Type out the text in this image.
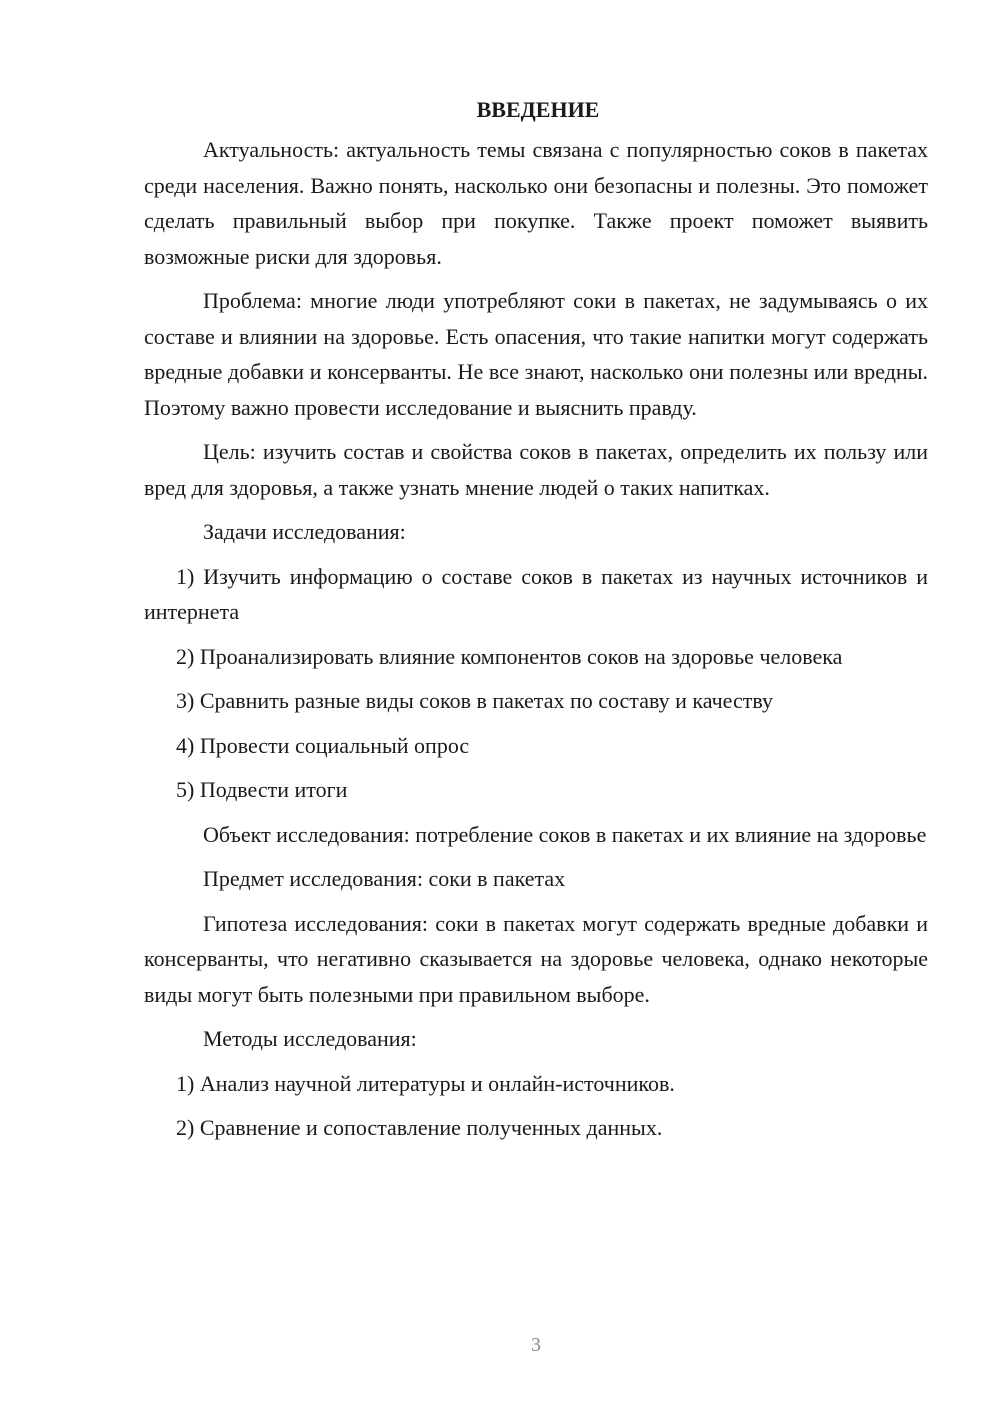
ВВЕДЕНИЕ

Актуальность: актуальность темы связана с популярностью соков в пакетах среди населения. Важно понять, насколько они безопасны и полезны. Это поможет сделать правильный выбор при покупке. Также проект поможет выявить возможные риски для здоровья.

Проблема: многие люди употребляют соки в пакетах, не задумываясь о их составе и влиянии на здоровье. Есть опасения, что такие напитки могут содержать вредные добавки и консерванты. Не все знают, насколько они полезны или вредны. Поэтому важно провести исследование и выяснить правду.

Цель: изучить состав и свойства соков в пакетах, определить их пользу или вред для здоровья, а также узнать мнение людей о таких напитках.

Задачи исследования:

1) Изучить информацию о составе соков в пакетах из научных источников и интернета

2) Проанализировать влияние компонентов соков на здоровье человека

3) Сравнить разные виды соков в пакетах по составу и качеству

4) Провести социальный опрос

5) Подвести итоги

Объект исследования: потребление соков в пакетах и их влияние на здоровье

Предмет исследования: соки в пакетах

Гипотеза исследования: соки в пакетах могут содержать вредные добавки и консерванты, что негативно сказывается на здоровье человека, однако некоторые виды могут быть полезными при правильном выборе.

Методы исследования:

1) Анализ научной литературы и онлайн-источников.

2) Сравнение и сопоставление полученных данных.

3
